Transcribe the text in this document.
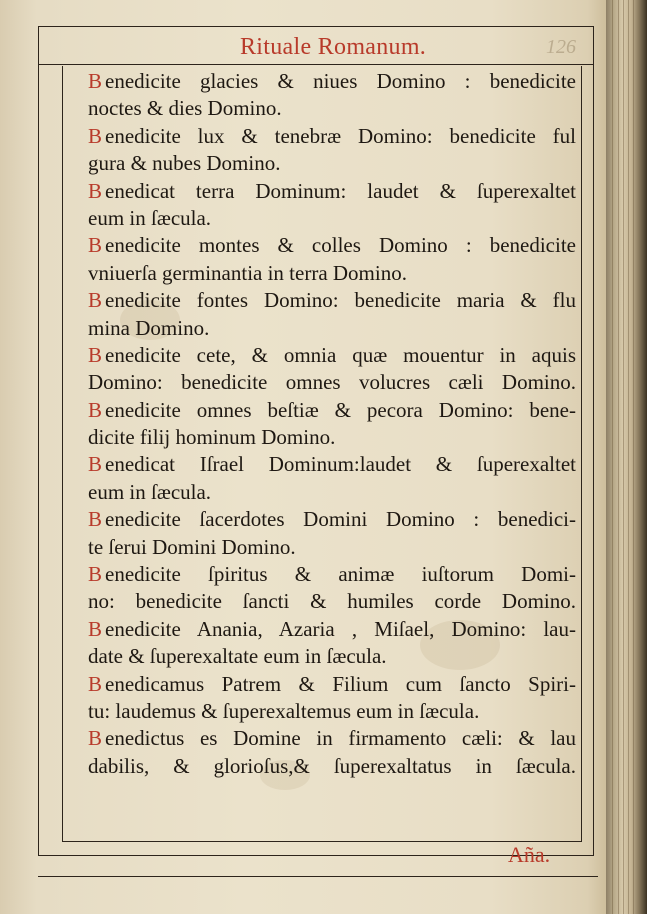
Rituale Romanum.	126
B enedicite glacies & niues Domino : benedicite
noctes & dies Domino.
B enedicite lux & tenebræ Domino: benedicite ful
gura & nubes Domino.
B enedicat terra Dominum: laudet & ſuperexaltet
eum in ſæcula.
B enedicite montes & colles Domino : benedicite
vniuerſa germinantia in terra Domino.
B enedicite fontes Domino: benedicite maria & flu
mina Domino.
B enedicite cete, & omnia quæ mouentur in aquis
Domino: benedicite omnes volucres cæli Domino.
B enedicite omnes beſtiæ & pecora Domino: bene-
dicite filij hominum Domino.
B enedicat Iſrael Dominum:laudet & ſuperexaltet
eum in ſæcula.
B enedicite ſacerdotes Domini Domino : benedici-
te ſerui Domini Domino.
B enedicite ſpiritus & animæ iuſtorum Domi-
no: benedicite ſancti & humiles corde Domino.
B enedicite Anania, Azaria , Miſael, Domino: lau-
date & ſuperexaltate eum in ſæcula.
B enedicamus Patrem & Filium cum ſancto Spiri-
tu: laudemus & ſuperexaltemus eum in ſæcula.
B enedictus es Domine in firmamento cæli: & lau
dabilis, & glorioſus,& ſuperexaltatus in ſæcula.
Aña.
